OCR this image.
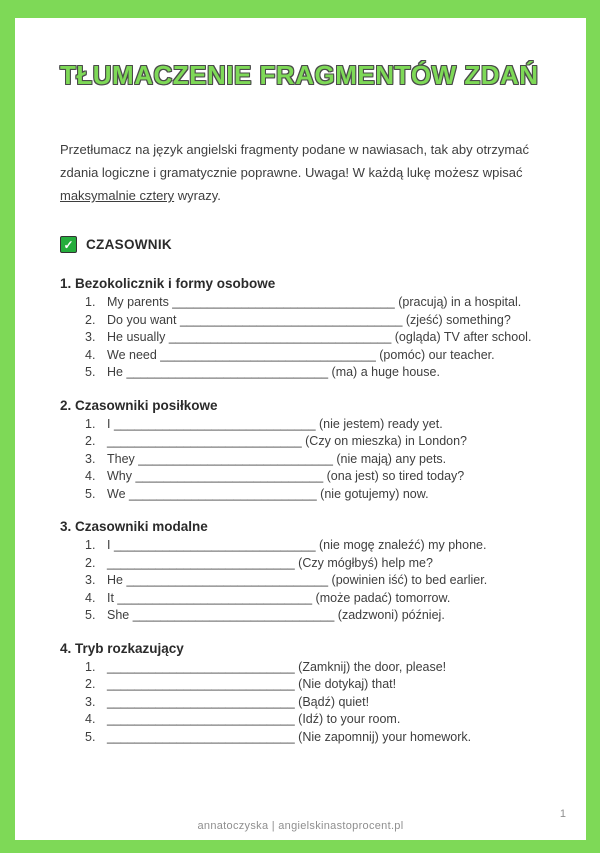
TŁUMACZENIE FRAGMENTÓW ZDAŃ

Przetłumacz na język angielski fragmenty podane w nawiasach, tak aby otrzymać zdania logiczne i gramatycznie poprawne. Uwaga! W każdą lukę możesz wpisać maksymalnie cztery wyrazy.

✓ CZASOWNIK
1. Bezokolicznik i formy osobowe
1. My parents ________________________________ (pracują) in a hospital.
2. Do you want ________________________________ (zjeść) something?
3. He usually ________________________________ (ogląda) TV after school.
4. We need _______________________________ (pomóc) our teacher.
5. He _____________________________ (ma) a huge house.
2. Czasowniki posiłkowe
1. I _____________________________ (nie jestem) ready yet.
2. ____________________________ (Czy on mieszka) in London?
3. They ____________________________ (nie mają) any pets.
4. Why ___________________________ (ona jest) so tired today?
5. We ___________________________ (nie gotujemy) now.
3. Czasowniki modalne
1. I _____________________________ (nie mogę znaleźć) my phone.
2. ___________________________ (Czy mógłbyś) help me?
3. He _____________________________ (powinien iść) to bed earlier.
4. It ____________________________ (może padać) tomorrow.
5. She _____________________________ (zadzwoni) później.
4. Tryb rozkazujący
1. ___________________________ (Zamknij) the door, please!
2. ___________________________ (Nie dotykaj) that!
3. ___________________________ (Bądź) quiet!
4. ___________________________ (Idź) to your room.
5. ___________________________ (Nie zapomnij) your homework.
annatoczyska | angielskinastoprocent.pl
1
